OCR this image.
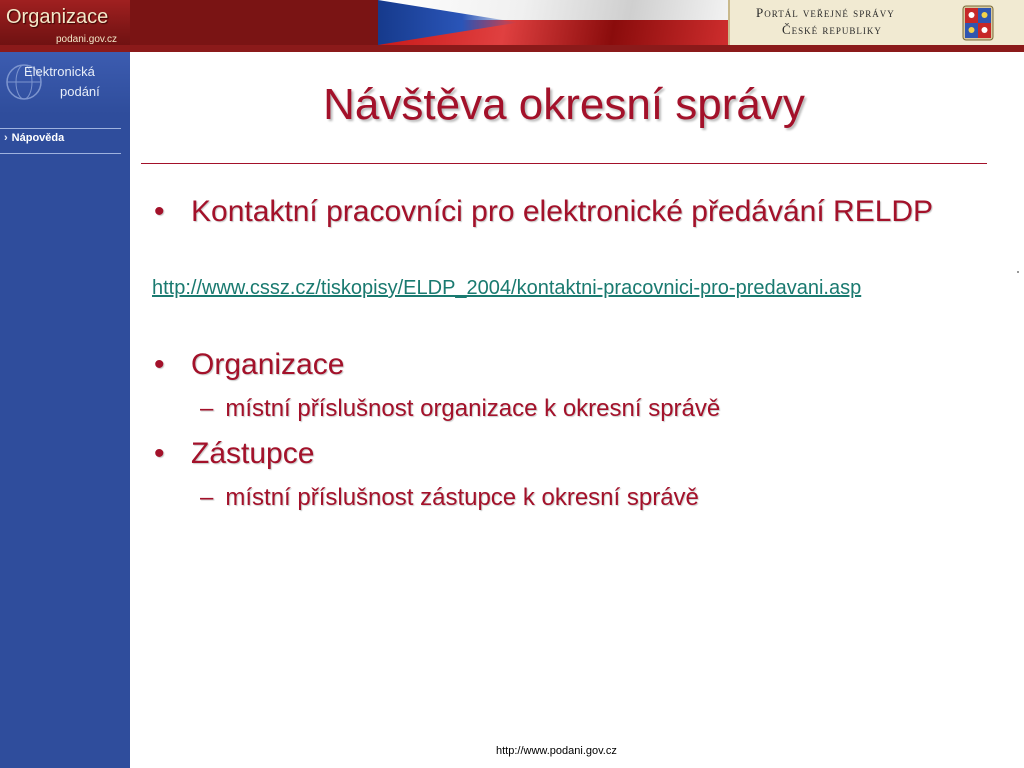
Organizace
podani.gov.cz
Portál veřejné správy
České republiky
Elektronická
podání
› Nápověda
Návštěva okresní správy
• Kontaktní pracovníci pro elektronické předávání RELDP
http://www.cssz.cz/tiskopisy/ELDP_2004/kontaktni-pracovnici-pro-predavani.asp
• Organizace
– místní příslušnost organizace k okresní správě
• Zástupce
– místní příslušnost zástupce k okresní správě
http://www.podani.gov.cz
